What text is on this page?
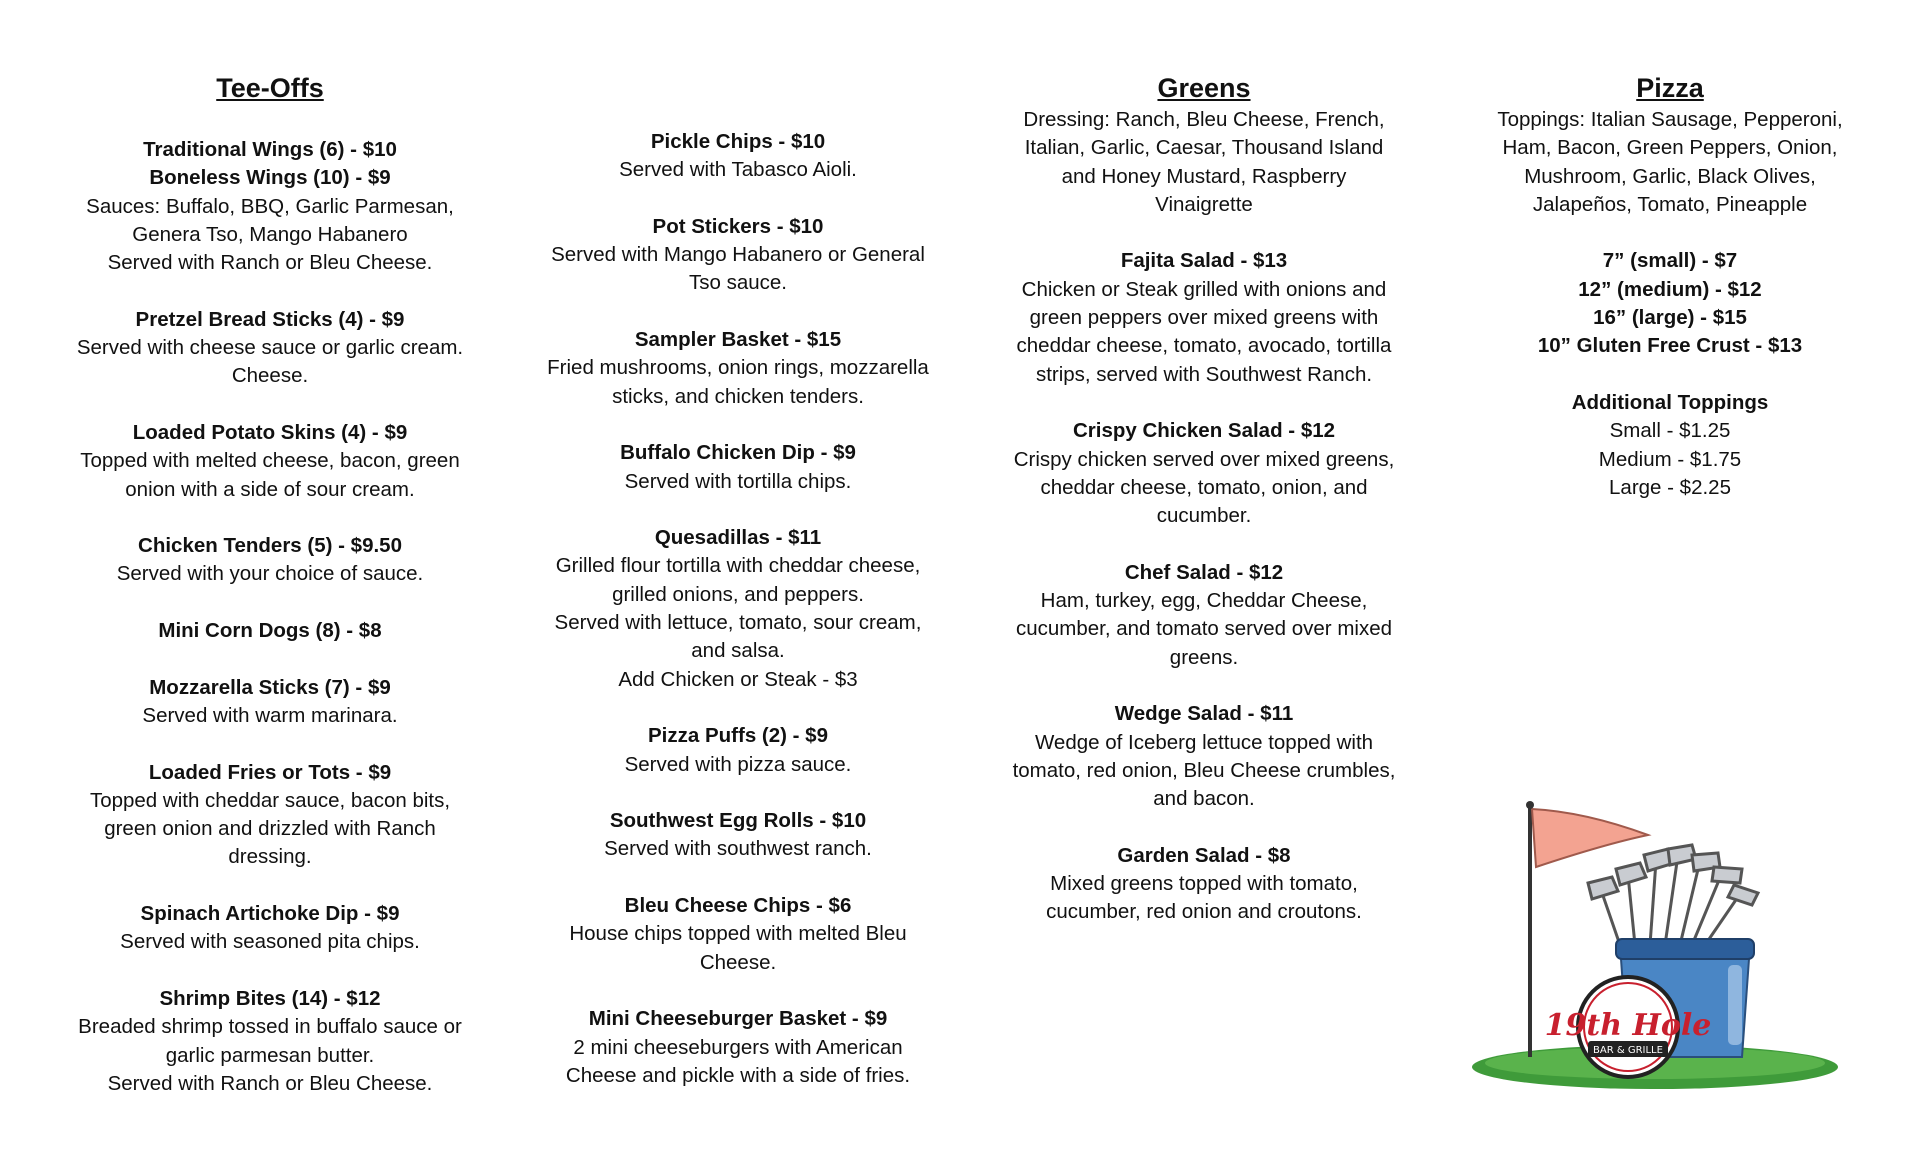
Tee-Offs
Traditional Wings (6) - $10
Boneless Wings (10) - $9
Sauces: Buffalo, BBQ, Garlic Parmesan,
Genera Tso, Mango Habanero
Served with Ranch or Bleu Cheese.
Pretzel Bread Sticks (4) - $9
Served with cheese sauce or garlic cream.
Cheese.
Loaded Potato Skins (4) - $9
Topped with melted cheese, bacon, green
onion with a side of sour cream.
Chicken Tenders (5) - $9.50
Served with your choice of sauce.
Mini Corn Dogs (8) - $8
Mozzarella Sticks (7) - $9
Served with warm marinara.
Loaded Fries or Tots - $9
Topped with cheddar sauce, bacon bits,
green onion and drizzled with Ranch
dressing.
Spinach Artichoke Dip - $9
Served with seasoned pita chips.
Shrimp Bites (14) - $12
Breaded shrimp tossed in buffalo sauce or
garlic parmesan butter.
Served with Ranch or Bleu Cheese.
Pickle Chips - $10
Served with Tabasco Aioli.
Pot Stickers - $10
Served with Mango Habanero or General
Tso sauce.
Sampler Basket - $15
Fried mushrooms, onion rings, mozzarella
sticks, and chicken tenders.
Buffalo Chicken Dip - $9
Served with tortilla chips.
Quesadillas - $11
Grilled flour tortilla with cheddar cheese,
grilled onions, and peppers.
Served with lettuce, tomato, sour cream,
and salsa.
Add Chicken or Steak - $3
Pizza Puffs (2) - $9
Served with pizza sauce.
Southwest Egg Rolls - $10
Served with southwest ranch.
Bleu Cheese Chips - $6
House chips topped with melted Bleu
Cheese.
Mini Cheeseburger Basket - $9
2 mini cheeseburgers with American
Cheese and pickle with a side of fries.
Greens
Dressing: Ranch, Bleu Cheese, French,
Italian, Garlic, Caesar, Thousand Island
and Honey Mustard, Raspberry
Vinaigrette
Fajita Salad - $13
Chicken or Steak grilled with onions and
green peppers over mixed greens with
cheddar cheese, tomato, avocado, tortilla
strips, served with Southwest Ranch.
Crispy Chicken Salad - $12
Crispy chicken served over mixed greens,
cheddar cheese, tomato, onion, and
cucumber.
Chef Salad - $12
Ham, turkey, egg, Cheddar Cheese,
cucumber, and tomato served over mixed
greens.
Wedge Salad - $11
Wedge of Iceberg lettuce topped with
tomato, red onion, Bleu Cheese crumbles,
and bacon.
Garden Salad - $8
Mixed greens topped with tomato,
cucumber, red onion and croutons.
Pizza
Toppings: Italian Sausage, Pepperoni,
Ham, Bacon, Green Peppers, Onion,
Mushroom, Garlic, Black Olives,
Jalapeños, Tomato, Pineapple
7” (small) - $7
12” (medium) - $12
16” (large) - $15
10” Gluten Free Crust - $13
Additional Toppings
Small - $1.25
Medium - $1.75
Large - $2.25
19th Hole
BAR & GRILLE
